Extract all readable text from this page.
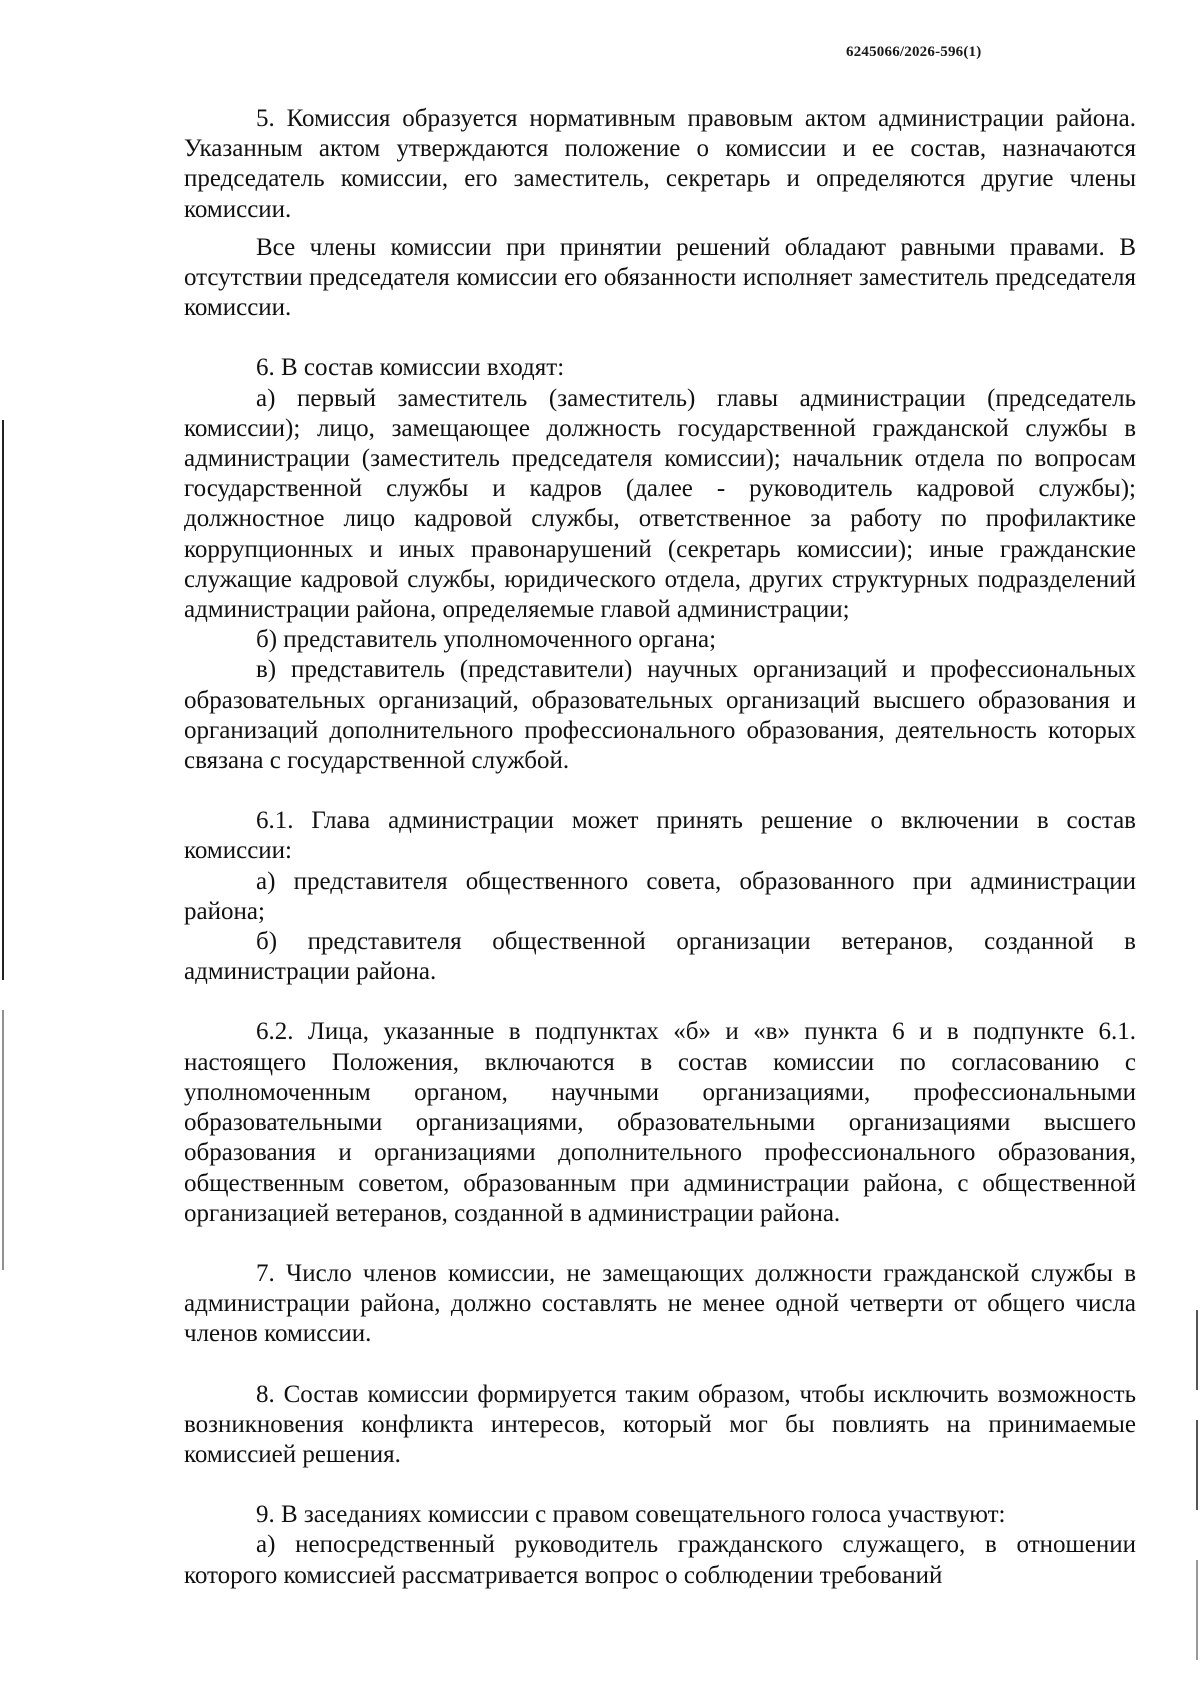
6245066/2026-596(1)

5. Комиссия образуется нормативным правовым актом администрации района. Указанным актом утверждаются положение о комиссии и ее состав, назначаются председатель комиссии, его заместитель, секретарь и определяются другие члены комиссии.

Все члены комиссии при принятии решений обладают равными правами. В отсутствии председателя комиссии его обязанности исполняет заместитель председателя комиссии.

6. В состав комиссии входят:

а) первый заместитель (заместитель) главы администрации (председатель комиссии); лицо, замещающее должность государственной гражданской службы в администрации (заместитель председателя комиссии); начальник отдела по вопросам государственной службы и кадров (далее - руководитель кадровой службы); должностное лицо кадровой службы, ответственное за работу по профилактике коррупционных и иных правонарушений (секретарь комиссии); иные гражданские служащие кадровой службы, юридического отдела, других структурных подразделений администрации района, определяемые главой администрации;

б) представитель уполномоченного органа;

в) представитель (представители) научных организаций и профессиональных образовательных организаций, образовательных организаций высшего образования и организаций дополнительного профессионального образования, деятельность которых связана с государственной службой.

6.1. Глава администрации может принять решение о включении в состав комиссии:

а) представителя общественного совета, образованного при администрации района;

б) представителя общественной организации ветеранов, созданной в администрации района.

6.2. Лица, указанные в подпунктах «б» и «в» пункта 6 и в подпункте 6.1. настоящего Положения, включаются в состав комиссии по согласованию с уполномоченным органом, научными организациями, профессиональными образовательными организациями, образовательными организациями высшего образования и организациями дополнительного профессионального образования, общественным советом, образованным при администрации района, с общественной организацией ветеранов, созданной в администрации района.

7. Число членов комиссии, не замещающих должности гражданской службы в администрации района, должно составлять не менее одной четверти от общего числа членов комиссии.

8. Состав комиссии формируется таким образом, чтобы исключить возможность возникновения конфликта интересов, который мог бы повлиять на принимаемые комиссией решения.

9. В заседаниях комиссии с правом совещательного голоса участвуют:

а) непосредственный руководитель гражданского служащего, в отношении которого комиссией рассматривается вопрос о соблюдении требований
